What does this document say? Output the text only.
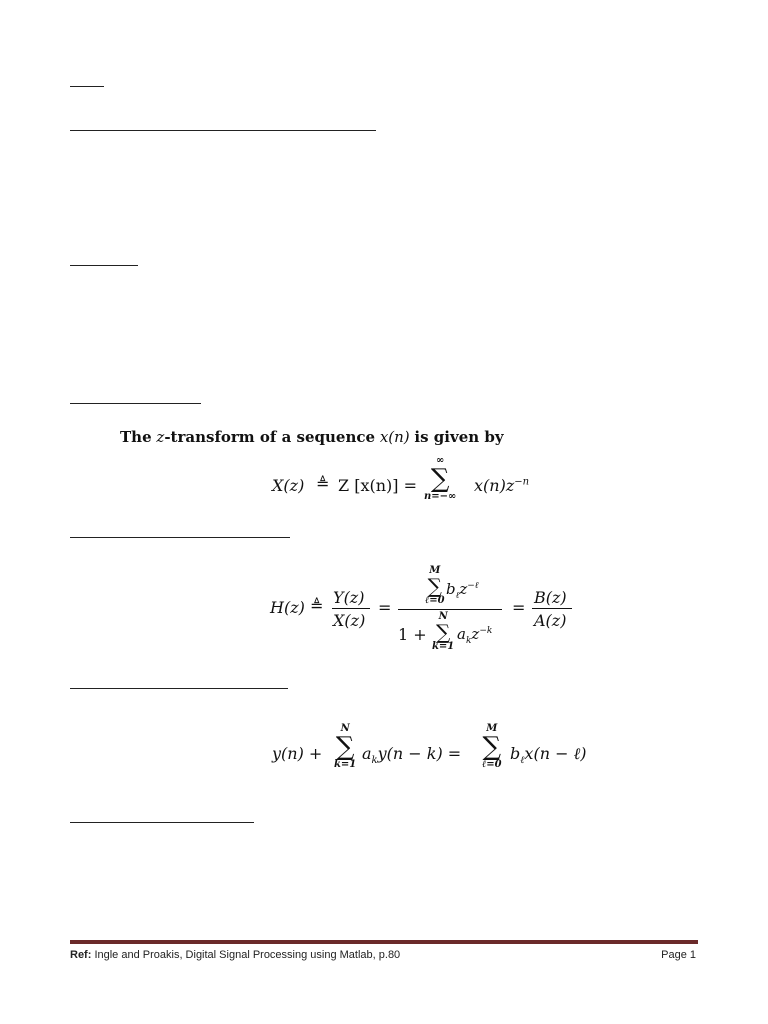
The z-transform of a sequence x(n) is given by
X(z) ≜ Z [x(n)] =
∞
∑
n=−∞
$x(n)z^{-n}$
H(z) ≜ Y(z)
X(z)
=
M
∑
ℓ=0
$b_\ell z^{-\ell}$
1 +
N
∑
k=1
$a_kz^{-k}$
=
B(z)
A(z)
y(n) +
N
∑
k=1
$a_ky(n - k)$ =
M
∑
ℓ=0
$b_\ell x(n$ − ℓ)
Ref: Ingle and Proakis, Digital Signal Processing using Matlab, p.80	Page 1
